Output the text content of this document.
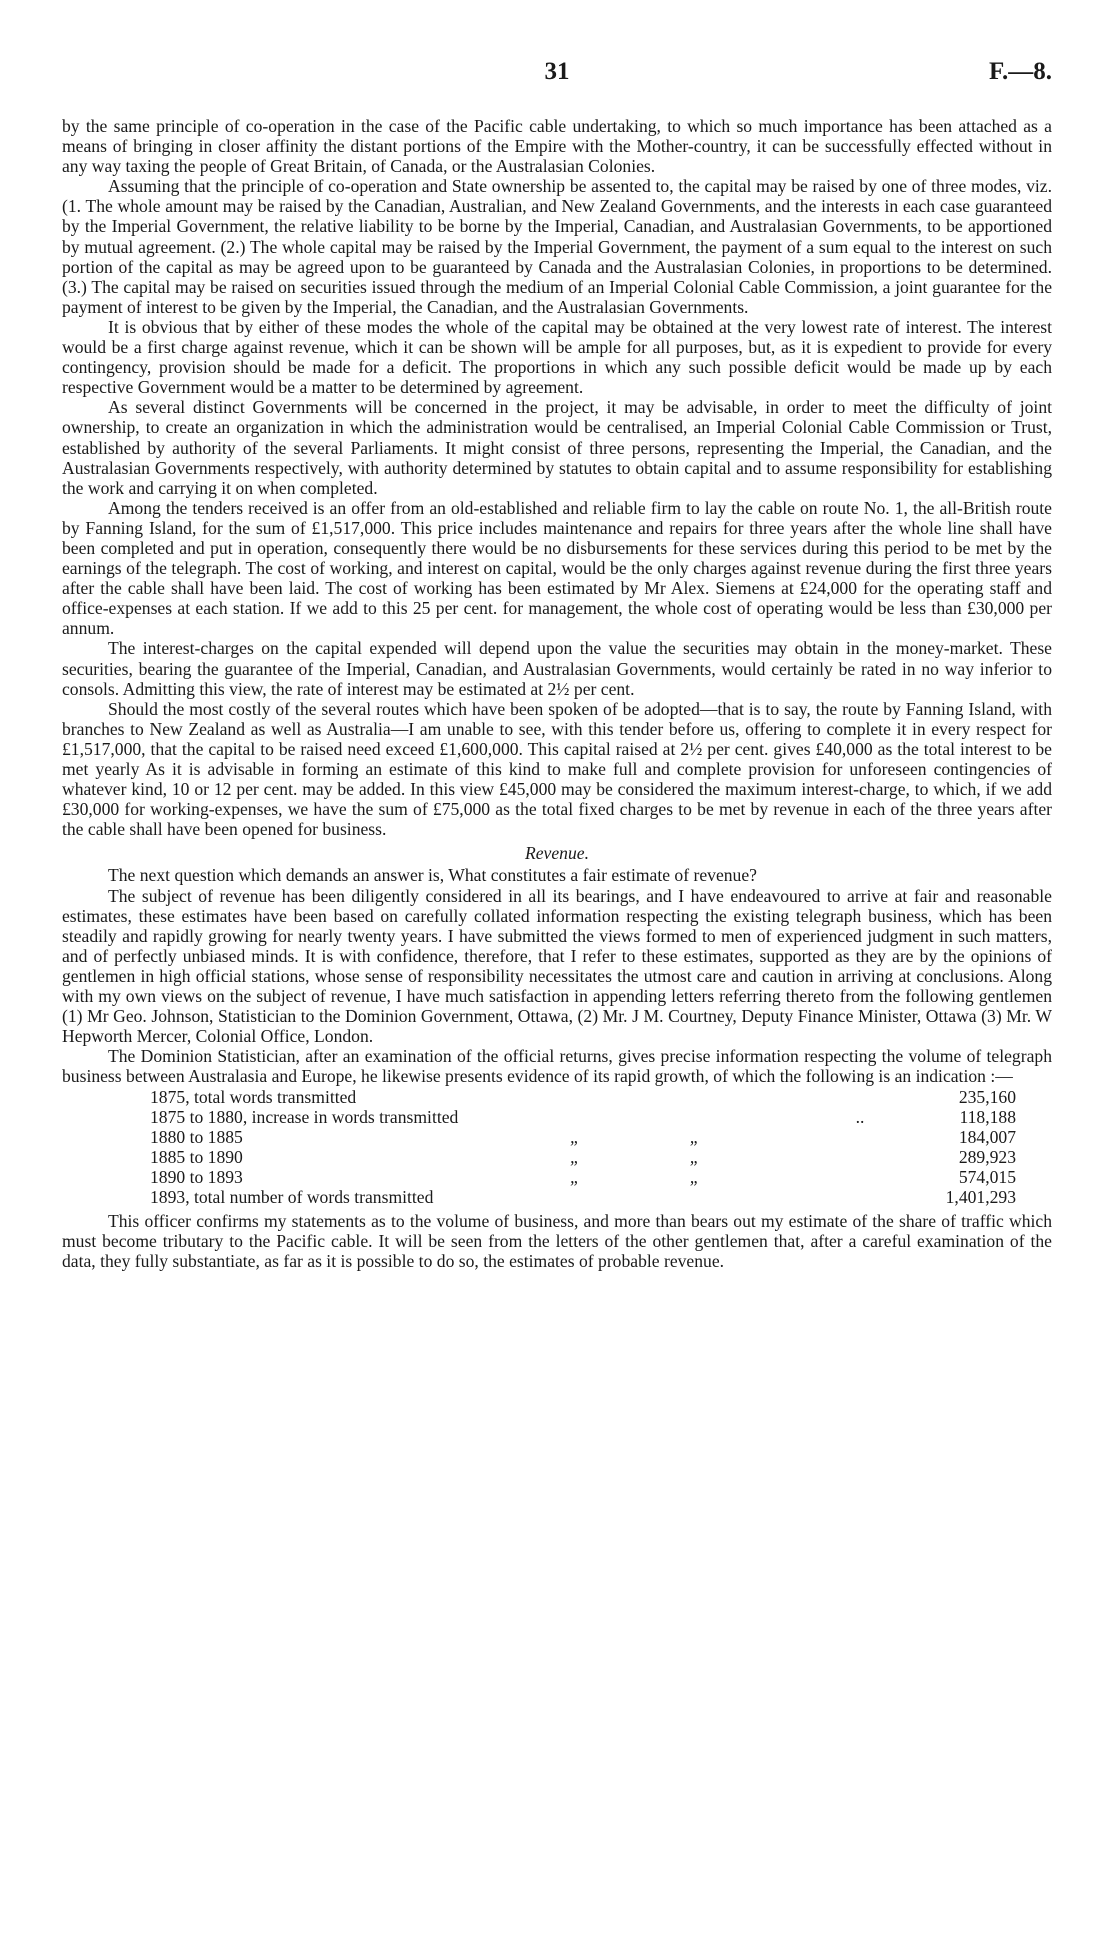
31	F.—8.

by the same principle of co-operation in the case of the Pacific cable undertaking, to which so much importance has been attached as a means of bringing in closer affinity the distant portions of the Empire with the Mother-country, it can be successfully effected without in any way taxing the people of Great Britain, of Canada, or the Australasian Colonies.

Assuming that the principle of co-operation and State ownership be assented to, the capital may be raised by one of three modes, viz. (1. The whole amount may be raised by the Canadian, Australian, and New Zealand Governments, and the interests in each case guaranteed by the Imperial Government, the relative liability to be borne by the Imperial, Canadian, and Australasian Governments, to be apportioned by mutual agreement. (2.) The whole capital may be raised by the Imperial Government, the payment of a sum equal to the interest on such portion of the capital as may be agreed upon to be guaranteed by Canada and the Australasian Colonies, in proportions to be determined. (3.) The capital may be raised on securities issued through the medium of an Imperial Colonial Cable Commission, a joint guarantee for the payment of interest to be given by the Imperial, the Canadian, and the Australasian Governments.

It is obvious that by either of these modes the whole of the capital may be obtained at the very lowest rate of interest. The interest would be a first charge against revenue, which it can be shown will be ample for all purposes, but, as it is expedient to provide for every contingency, provision should be made for a deficit. The proportions in which any such possible deficit would be made up by each respective Government would be a matter to be determined by agreement.

As several distinct Governments will be concerned in the project, it may be advisable, in order to meet the difficulty of joint ownership, to create an organization in which the administration would be centralised, an Imperial Colonial Cable Commission or Trust, established by authority of the several Parliaments. It might consist of three persons, representing the Imperial, the Canadian, and the Australasian Governments respectively, with authority determined by statutes to obtain capital and to assume responsibility for establishing the work and carrying it on when completed.

Among the tenders received is an offer from an old-established and reliable firm to lay the cable on route No. 1, the all-British route by Fanning Island, for the sum of £1,517,000. This price includes maintenance and repairs for three years after the whole line shall have been completed and put in operation, consequently there would be no disbursements for these services during this period to be met by the earnings of the telegraph. The cost of working, and interest on capital, would be the only charges against revenue during the first three years after the cable shall have been laid. The cost of working has been estimated by Mr Alex. Siemens at £24,000 for the operating staff and office-expenses at each station. If we add to this 25 per cent. for management, the whole cost of operating would be less than £30,000 per annum.

The interest-charges on the capital expended will depend upon the value the securities may obtain in the money-market. These securities, bearing the guarantee of the Imperial, Canadian, and Australasian Governments, would certainly be rated in no way inferior to consols. Admitting this view, the rate of interest may be estimated at 2½ per cent.

Should the most costly of the several routes which have been spoken of be adopted—that is to say, the route by Fanning Island, with branches to New Zealand as well as Australia—I am unable to see, with this tender before us, offering to complete it in every respect for £1,517,000, that the capital to be raised need exceed £1,600,000. This capital raised at 2½ per cent. gives £40,000 as the total interest to be met yearly As it is advisable in forming an estimate of this kind to make full and complete provision for unforeseen contingencies of whatever kind, 10 or 12 per cent. may be added. In this view £45,000 may be considered the maximum interest-charge, to which, if we add £30,000 for working-expenses, we have the sum of £75,000 as the total fixed charges to be met by revenue in each of the three years after the cable shall have been opened for business.

Revenue.

The next question which demands an answer is, What constitutes a fair estimate of revenue?

The subject of revenue has been diligently considered in all its bearings, and I have endeavoured to arrive at fair and reasonable estimates, these estimates have been based on carefully collated information respecting the existing telegraph business, which has been steadily and rapidly growing for nearly twenty years. I have submitted the views formed to men of experienced judgment in such matters, and of perfectly unbiased minds. It is with confidence, therefore, that I refer to these estimates, supported as they are by the opinions of gentlemen in high official stations, whose sense of responsibility necessitates the utmost care and caution in arriving at conclusions. Along with my own views on the subject of revenue, I have much satisfaction in appending letters referring thereto from the following gentlemen (1) Mr Geo. Johnson, Statistician to the Dominion Government, Ottawa, (2) Mr. J M. Courtney, Deputy Finance Minister, Ottawa (3) Mr. W Hepworth Mercer, Colonial Office, London.

The Dominion Statistician, after an examination of the official returns, gives precise information respecting the volume of telegraph business between Australasia and Europe, he likewise presents evidence of its rapid growth, of which the following is an indication :—

1875, total words transmitted			235,160
1875 to 1880, increase in words transmitted		..	118,188
1880 to 1885	„ „		184,007
1885 to 1890	„ „		289,923
1890 to 1893	„ „		574,015
1893, total number of words transmitted			1,401,293

This officer confirms my statements as to the volume of business, and more than bears out my estimate of the share of traffic which must become tributary to the Pacific cable. It will be seen from the letters of the other gentlemen that, after a careful examination of the data, they fully substantiate, as far as it is possible to do so, the estimates of probable revenue.
